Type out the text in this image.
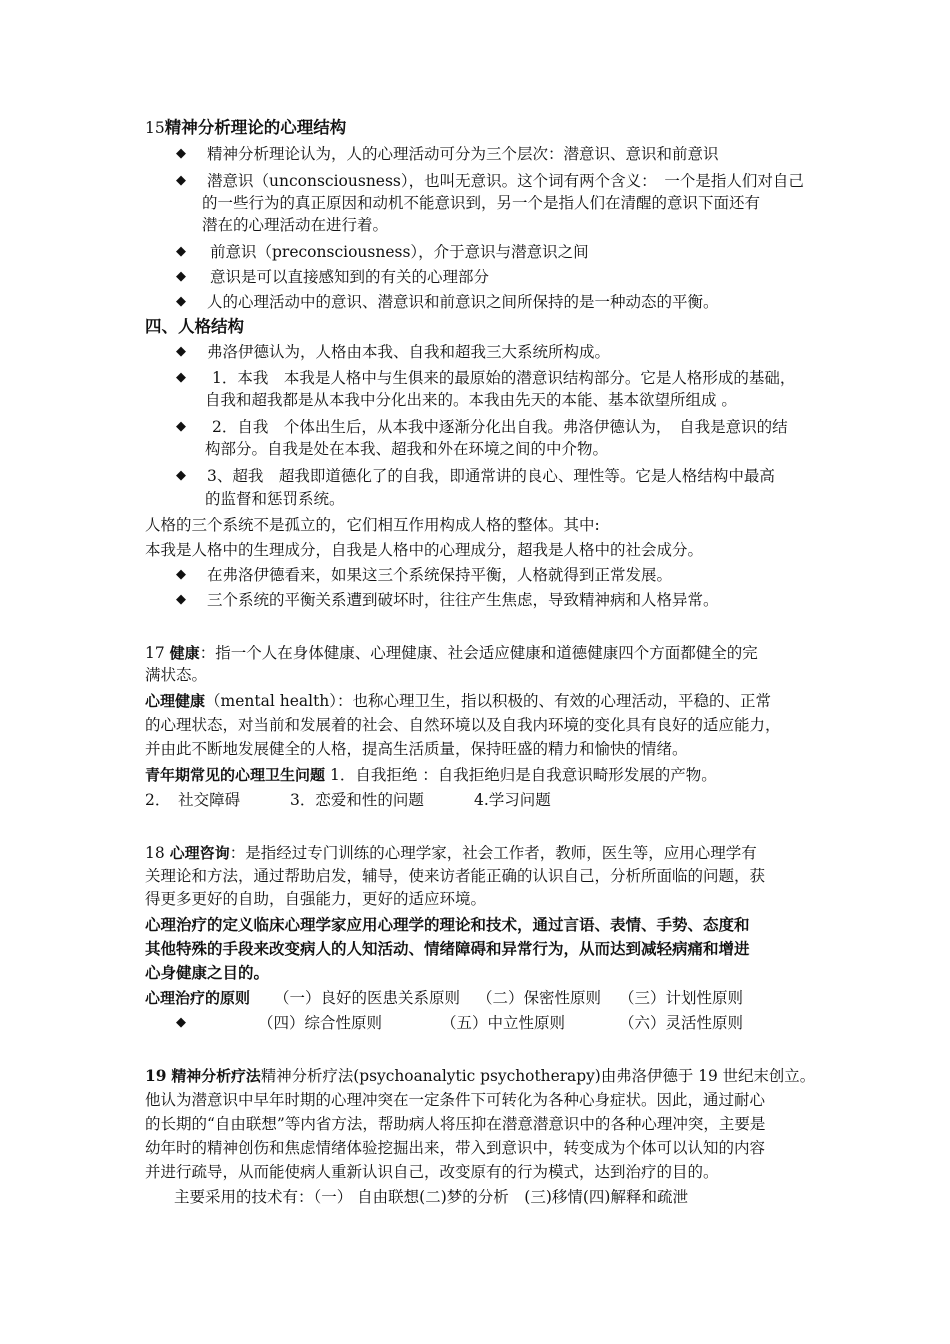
15精神分析理论的心理结构
◆ 精神分析理论认为，人的心理活动可分为三个层次：潜意识、意识和前意识
◆ 潜意识（unconsciousness），也叫无意识。这个词有两个含义：　一个是指人们对自己
的一些行为的真正原因和动机不能意识到，另一个是指人们在清醒的意识下面还有
潜在的心理活动在进行着。
◆ 前意识（preconsciousness），介于意识与潜意识之间
◆ 意识是可以直接感知到的有关的心理部分
◆ 人的心理活动中的意识、潜意识和前意识之间所保持的是一种动态的平衡。
四、人格结构
◆ 弗洛伊德认为，人格由本我、自我和超我三大系统所构成。
◆ 1．本我　本我是人格中与生俱来的最原始的潜意识结构部分。它是人格形成的基础，
自我和超我都是从本我中分化出来的。本我由先天的本能、基本欲望所组成 。
◆ 2．自我　个体出生后，从本我中逐渐分化出自我。弗洛伊德认为，　自我是意识的结
构部分。自我是处在本我、超我和外在环境之间的中介物。
◆ 3、超我　超我即道德化了的自我，即通常讲的良心、理性等。它是人格结构中最高
的监督和惩罚系统。
人格的三个系统不是孤立的，它们相互作用构成人格的整体。其中:
本我是人格中的生理成分，自我是人格中的心理成分，超我是人格中的社会成分。
◆ 在弗洛伊德看来，如果这三个系统保持平衡，人格就得到正常发展。
◆ 三个系统的平衡关系遭到破坏时，往往产生焦虑，导致精神病和人格异常。
17 健康：指一个人在身体健康、心理健康、社会适应健康和道德健康四个方面都健全的完
满状态。
心理健康（mental health）：也称心理卫生，指以积极的、有效的心理活动，平稳的、正常
的心理状态，对当前和发展着的社会、自然环境以及自我内环境的变化具有良好的适应能力，
并由此不断地发展健全的人格，提高生活质量，保持旺盛的精力和愉快的情绪。
青年期常见的心理卫生问题 1．自我拒绝 ：自我拒绝归是自我意识畸形发展的产物。
2．　社交障碍	3．恋爱和性的问题	4.学习问题
18 心理咨询：是指经过专门训练的心理学家，社会工作者，教师，医生等，应用心理学有
关理论和方法，通过帮助启发，辅导，使来访者能正确的认识自己，分析所面临的问题，获
得更多更好的自助，自强能力，更好的适应环境。
心理治疗的定义临床心理学家应用心理学的理论和技术，通过言语、表情、手势、态度和
其他特殊的手段来改变病人的人知活动、情绪障碍和异常行为，从而达到减轻病痛和增进
心身健康之目的。
心理治疗的原则 （一）良好的医患关系原则 （二）保密性原则 （三）计划性原则
◆	（四）综合性原则	（五）中立性原则	（六）灵活性原则
19 精神分析疗法精神分析疗法(psychoanalytic psychotherapy)由弗洛伊德于 19 世纪末创立。
他认为潜意识中早年时期的心理冲突在一定条件下可转化为各种心身症状。因此，通过耐心
的长期的“自由联想”等内省方法，帮助病人将压抑在潜意潜意识中的各种心理冲突，主要是
幼年时的精神创伤和焦虑情绪体验挖掘出来，带入到意识中，转变成为个体可以认知的内容
并进行疏导，从而能使病人重新认识自己，改变原有的行为模式，达到治疗的目的。
主要采用的技术有：（一） 自由联想(二)梦的分析　(三)移情(四)解释和疏泄
